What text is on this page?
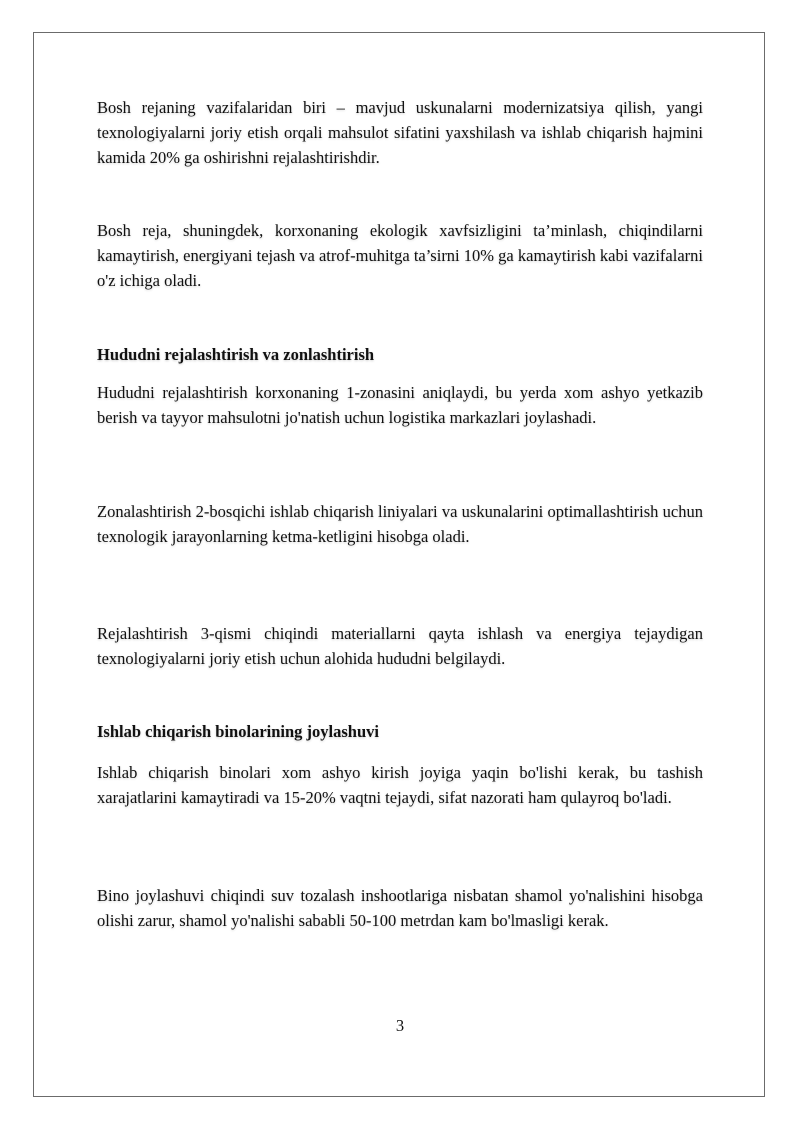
Bosh rejaning vazifalaridan biri – mavjud uskunalarni modernizatsiya qilish, yangi texnologiyalarni joriy etish orqali mahsulot sifatini yaxshilash va ishlab chiqarish hajmini kamida 20% ga oshirishni rejalashtirishdir.

Bosh reja, shuningdek, korxonaning ekologik xavfsizligini ta’minlash, chiqindilarni kamaytirish, energiyani tejash va atrof-muhitga ta’sirni 10% ga kamaytirish kabi vazifalarni o'z ichiga oladi.

Hududni rejalashtirish va zonlashtirish

Hududni rejalashtirish korxonaning 1-zonasini aniqlaydi, bu yerda xom ashyo yetkazib berish va tayyor mahsulotni jo'natish uchun logistika markazlari joylashadi.

Zonalashtirish 2-bosqichi ishlab chiqarish liniyalari va uskunalarini optimallashtirish uchun texnologik jarayonlarning ketma-ketligini hisobga oladi.

Rejalashtirish 3-qismi chiqindi materiallarni qayta ishlash va energiya tejaydigan texnologiyalarni joriy etish uchun alohida hududni belgilaydi.

Ishlab chiqarish binolarining joylashuvi

Ishlab chiqarish binolari xom ashyo kirish joyiga yaqin bo'lishi kerak, bu tashish xarajatlarini kamaytiradi va 15-20% vaqtni tejaydi, sifat nazorati ham qulayroq bo'ladi.

Bino joylashuvi chiqindi suv tozalash inshootlariga nisbatan shamol yo'nalishini hisobga olishi zarur, shamol yo'nalishi sababli 50-100 metrdan kam bo'lmasligi kerak.

3
